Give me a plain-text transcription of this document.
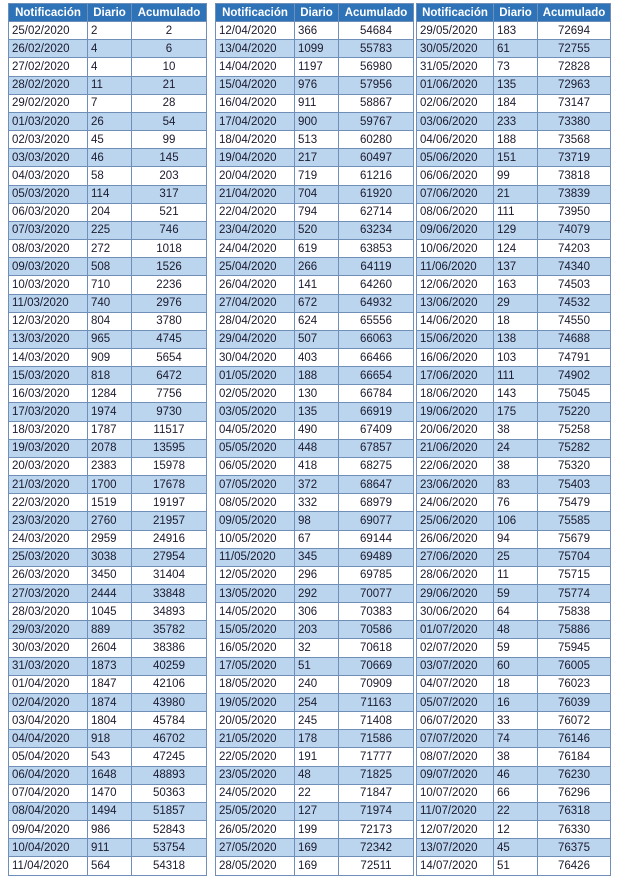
Notificación	Diario	Acumulado
25/02/2020	2	2
26/02/2020	4	6
27/02/2020	4	10
28/02/2020	11	21
29/02/2020	7	28
01/03/2020	26	54
02/03/2020	45	99
03/03/2020	46	145
04/03/2020	58	203
05/03/2020	114	317
06/03/2020	204	521
07/03/2020	225	746
08/03/2020	272	1018
09/03/2020	508	1526
10/03/2020	710	2236
11/03/2020	740	2976
12/03/2020	804	3780
13/03/2020	965	4745
14/03/2020	909	5654
15/03/2020	818	6472
16/03/2020	1284	7756
17/03/2020	1974	9730
18/03/2020	1787	11517
19/03/2020	2078	13595
20/03/2020	2383	15978
21/03/2020	1700	17678
22/03/2020	1519	19197
23/03/2020	2760	21957
24/03/2020	2959	24916
25/03/2020	3038	27954
26/03/2020	3450	31404
27/03/2020	2444	33848
28/03/2020	1045	34893
29/03/2020	889	35782
30/03/2020	2604	38386
31/03/2020	1873	40259
01/04/2020	1847	42106
02/04/2020	1874	43980
03/04/2020	1804	45784
04/04/2020	918	46702
05/04/2020	543	47245
06/04/2020	1648	48893
07/04/2020	1470	50363
08/04/2020	1494	51857
09/04/2020	986	52843
10/04/2020	911	53754
11/04/2020	564	54318
Notificación	Diario	Acumulado
12/04/2020	366	54684
13/04/2020	1099	55783
14/04/2020	1197	56980
15/04/2020	976	57956
16/04/2020	911	58867
17/04/2020	900	59767
18/04/2020	513	60280
19/04/2020	217	60497
20/04/2020	719	61216
21/04/2020	704	61920
22/04/2020	794	62714
23/04/2020	520	63234
24/04/2020	619	63853
25/04/2020	266	64119
26/04/2020	141	64260
27/04/2020	672	64932
28/04/2020	624	65556
29/04/2020	507	66063
30/04/2020	403	66466
01/05/2020	188	66654
02/05/2020	130	66784
03/05/2020	135	66919
04/05/2020	490	67409
05/05/2020	448	67857
06/05/2020	418	68275
07/05/2020	372	68647
08/05/2020	332	68979
09/05/2020	98	69077
10/05/2020	67	69144
11/05/2020	345	69489
12/05/2020	296	69785
13/05/2020	292	70077
14/05/2020	306	70383
15/05/2020	203	70586
16/05/2020	32	70618
17/05/2020	51	70669
18/05/2020	240	70909
19/05/2020	254	71163
20/05/2020	245	71408
21/05/2020	178	71586
22/05/2020	191	71777
23/05/2020	48	71825
24/05/2020	22	71847
25/05/2020	127	71974
26/05/2020	199	72173
27/05/2020	169	72342
28/05/2020	169	72511
Notificación	Diario	Acumulado
29/05/2020	183	72694
30/05/2020	61	72755
31/05/2020	73	72828
01/06/2020	135	72963
02/06/2020	184	73147
03/06/2020	233	73380
04/06/2020	188	73568
05/06/2020	151	73719
06/06/2020	99	73818
07/06/2020	21	73839
08/06/2020	111	73950
09/06/2020	129	74079
10/06/2020	124	74203
11/06/2020	137	74340
12/06/2020	163	74503
13/06/2020	29	74532
14/06/2020	18	74550
15/06/2020	138	74688
16/06/2020	103	74791
17/06/2020	111	74902
18/06/2020	143	75045
19/06/2020	175	75220
20/06/2020	38	75258
21/06/2020	24	75282
22/06/2020	38	75320
23/06/2020	83	75403
24/06/2020	76	75479
25/06/2020	106	75585
26/06/2020	94	75679
27/06/2020	25	75704
28/06/2020	11	75715
29/06/2020	59	75774
30/06/2020	64	75838
01/07/2020	48	75886
02/07/2020	59	75945
03/07/2020	60	76005
04/07/2020	18	76023
05/07/2020	16	76039
06/07/2020	33	76072
07/07/2020	74	76146
08/07/2020	38	76184
09/07/2020	46	76230
10/07/2020	66	76296
11/07/2020	22	76318
12/07/2020	12	76330
13/07/2020	45	76375
14/07/2020	51	76426
